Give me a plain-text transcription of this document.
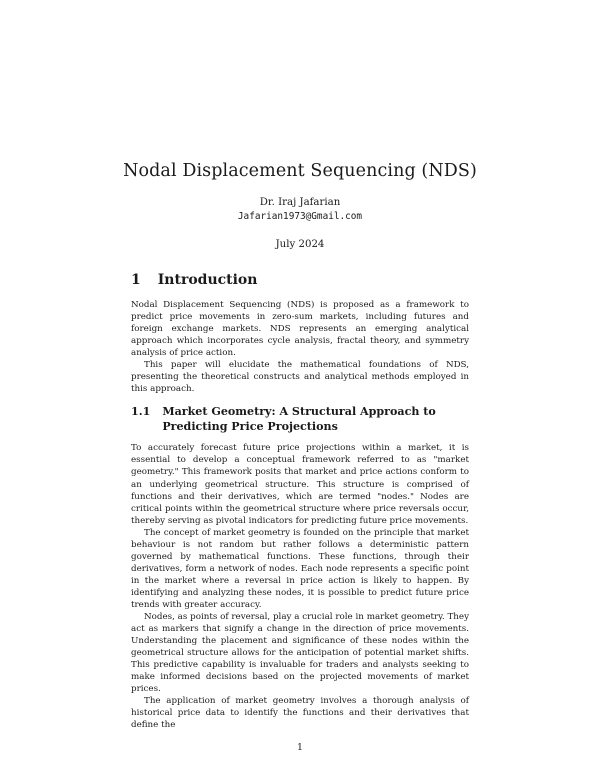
Nodal Displacement Sequencing (NDS)
Dr. Iraj Jafarian
Jafarian1973@Gmail.com
July 2024
1 Introduction

Nodal Displacement Sequencing (NDS) is proposed as a framework to predict price movements in zero-sum markets, including futures and foreign exchange markets. NDS represents an emerging analytical approach which incorporates cycle analysis, fractal theory, and symmetry analysis of price action.

This paper will elucidate the mathematical foundations of NDS, presenting the theoretical constructs and analytical methods employed in this approach.

1.1 Market Geometry: A Structural Approach to Predicting Price Projections

To accurately forecast future price projections within a market, it is essential to develop a conceptual framework referred to as "market geometry." This framework posits that market and price actions conform to an underlying geometrical structure. This structure is comprised of functions and their derivatives, which are termed "nodes." Nodes are critical points within the geometrical structure where price reversals occur, thereby serving as pivotal indicators for predicting future price movements.

The concept of market geometry is founded on the principle that market behaviour is not random but rather follows a deterministic pattern governed by mathematical functions. These functions, through their derivatives, form a network of nodes. Each node represents a specific point in the market where a reversal in price action is likely to happen. By identifying and analyzing these nodes, it is possible to predict future price trends with greater accuracy.

Nodes, as points of reversal, play a crucial role in market geometry. They act as markers that signify a change in the direction of price movements. Understanding the placement and significance of these nodes within the geometrical structure allows for the anticipation of potential market shifts. This predictive capability is invaluable for traders and analysts seeking to make informed decisions based on the projected movements of market prices.

The application of market geometry involves a thorough analysis of historical price data to identify the functions and their derivatives that define the

1
